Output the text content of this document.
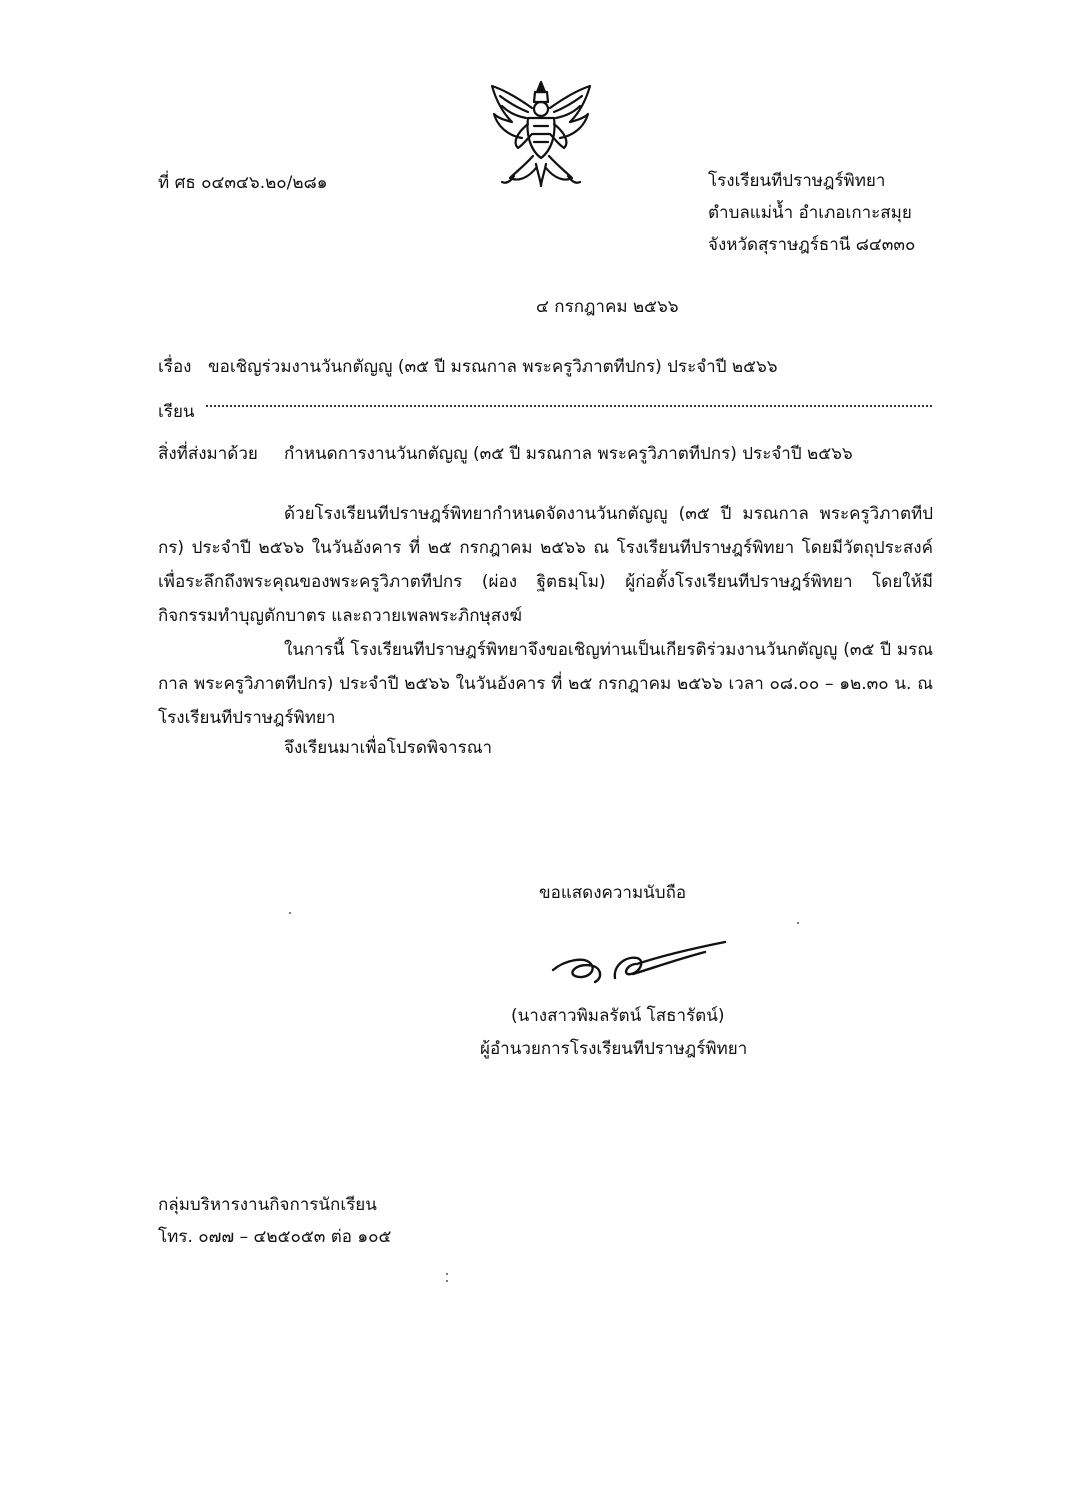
ที่ ศธ ๐๔๓๔๖.๒๐/๒๘๑	โรงเรียนทีปราษฎร์พิทยา
ตำบลแม่น้ำ อำเภอเกาะสมุย
จังหวัดสุราษฎร์ธานี ๘๔๓๓๐
๔ กรกฎาคม ๒๕๖๖
เรื่อง ขอเชิญร่วมงานวันกตัญญู (๓๕ ปี มรณกาล พระครูวิภาตทีปกร) ประจำปี ๒๕๖๖
เรียน
สิ่งที่ส่งมาด้วย กำหนดการงานวันกตัญญู (๓๕ ปี มรณกาล พระครูวิภาตทีปกร) ประจำปี ๒๕๖๖
ด้วยโรงเรียนทีปราษฎร์พิทยากำหนดจัดงานวันกตัญญู (๓๕ ปี มรณกาล พระครูวิภาตทีปกร) ประจำปี ๒๕๖๖ ในวันอังคาร ที่ ๒๕ กรกฎาคม ๒๕๖๖ ณ โรงเรียนทีปราษฎร์พิทยา โดยมีวัตถุประสงค์เพื่อระลึกถึงพระคุณของพระครูวิภาตทีปกร (ผ่อง ฐิตธมฺโม) ผู้ก่อตั้งโรงเรียนทีปราษฎร์พิทยา โดยให้มีกิจกรรมทำบุญตักบาตร และถวายเพลพระภิกษุสงฆ์
ในการนี้ โรงเรียนทีปราษฎร์พิทยาจึงขอเชิญท่านเป็นเกียรติร่วมงานวันกตัญญู (๓๕ ปี มรณกาล พระครูวิภาตทีปกร) ประจำปี ๒๕๖๖ ในวันอังคาร ที่ ๒๕ กรกฎาคม ๒๕๖๖ เวลา ๐๘.๐๐ – ๑๒.๓๐ น. ณ โรงเรียนทีปราษฎร์พิทยา
จึงเรียนมาเพื่อโปรดพิจารณา
ขอแสดงความนับถือ
(นางสาวพิมลรัตน์ โสธารัตน์)
ผู้อำนวยการโรงเรียนทีปราษฎร์พิทยา
กลุ่มบริหารงานกิจการนักเรียน
โทร. ๐๗๗ – ๔๒๕๐๕๓ ต่อ ๑๐๕
